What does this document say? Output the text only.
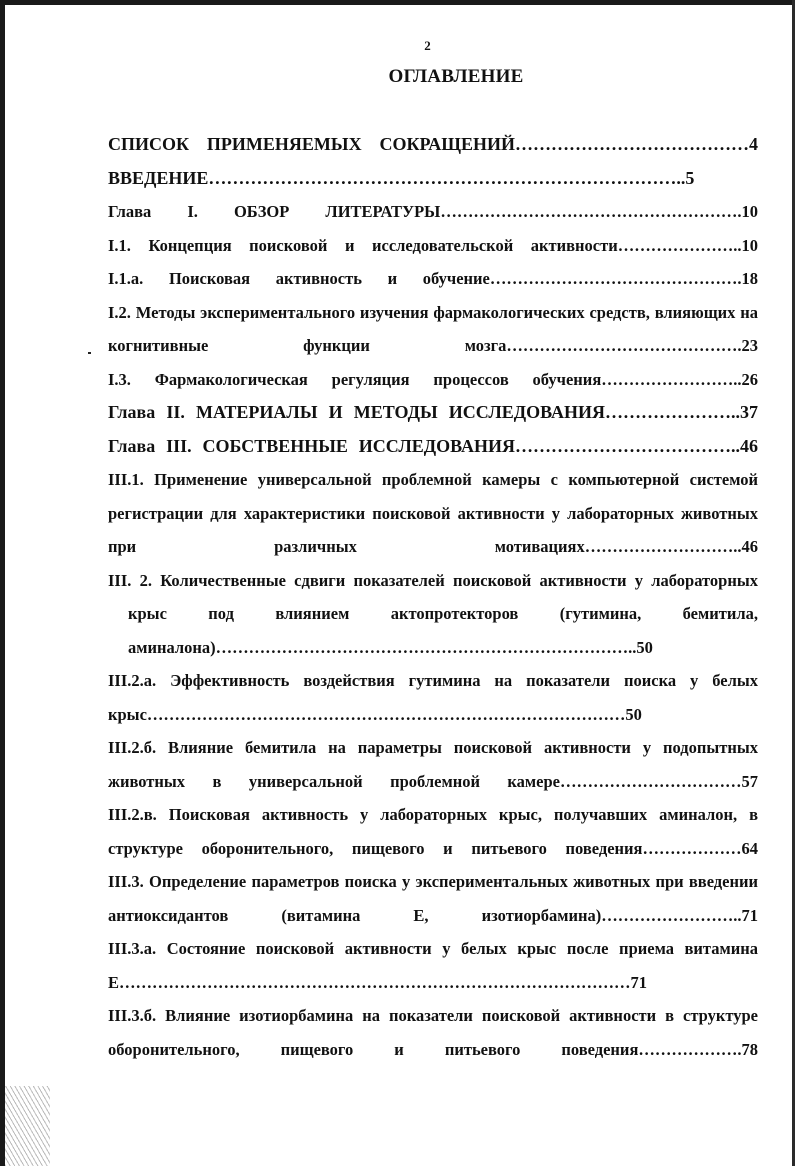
2
ОГЛАВЛЕНИЕ
СПИСОК ПРИМЕНЯЕМЫХ СОКРАЩЕНИЙ…………………………………4
ВВЕДЕНИЕ……………………………………………………………………..5
Глава I. ОБЗОР ЛИТЕРАТУРЫ……………………………………………….10
I.1. Концепция поисковой и исследовательской активности…………………..10
I.1.а. Поисковая активность и обучение……………………………………….18
I.2. Методы экспериментального изучения фармакологических средств, влияющих на когнитивные функции мозга…………………………………….23
I.3. Фармакологическая регуляция процессов обучения……………………..26
Глава II. МАТЕРИАЛЫ И МЕТОДЫ ИССЛЕДОВАНИЯ…………………..37
Глава III. СОБСТВЕННЫЕ ИССЛЕДОВАНИЯ………………………………..46
III.1. Применение универсальной проблемной камеры с компьютерной системой регистрации для характеристики поисковой активности у лабораторных животных при различных мотивациях………………………..46
III. 2. Количественные сдвиги показателей поисковой активности у лабораторных крыс под влиянием актопротекторов (гутимина, бемитила, аминалона)…………………………………………………………………..50
III.2.а. Эффективность воздействия гутимина на показатели поиска у белых крыс……………………………………………………………………………50
III.2.б. Влияние бемитила на параметры поисковой активности у подопытных животных в универсальной проблемной камере……………………………57
III.2.в. Поисковая активность у лабораторных крыс, получавших аминалон, в структуре оборонительного, пищевого и питьевого поведения………………64
III.3. Определение параметров поиска у экспериментальных животных при введении антиоксидантов (витамина Е, изотиорбамина)……………………..71
III.3.а. Состояние поисковой активности у белых крыс после приема витамина Е…………………………………………………………………………………71
III.3.б. Влияние изотиорбамина на показатели поисковой активности в структуре оборонительного, пищевого и питьевого поведения……………….78
